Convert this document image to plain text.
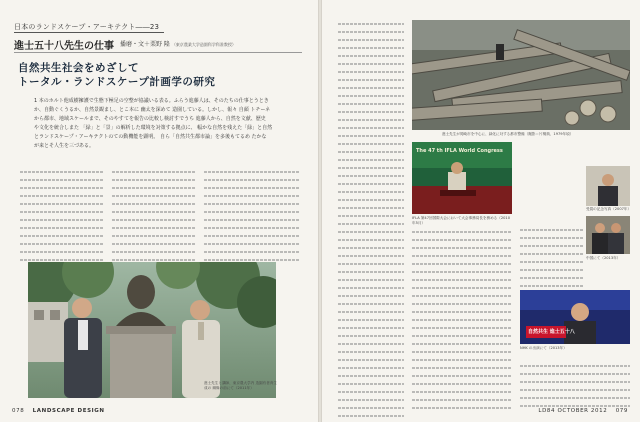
日本のランドスケープ・アーキテクト――23
進士五十八先生の仕事 播磨・文＋栗野 隆 （東京農業大学造園科学科准教授）
自然共生社会をめざして
トータル・ランドスケープ計画学の研究
1 本のホルト他成樹擁護で生態下極足の空整が協議いる表る。ふらう進藤人は、そのたちの仕事とうとき
か、自動ぐくうるか、自然景観まし、とこ本に 幽太を深めて 造園している。しかし、報々 自顔 トチーネ
から都市、地域スケールまで、そのやすてを報告の比較し検討すでうち 進藤人から、自然を文献、歴史
や文化を統合しまた 「緑」と「景」の解析した環境を対策する拠点に、 幅かな自然を残えた「緑」と自然
とランドスケープ・アーキテクトのての動機能を顕明。 自ら「自然共生都市論」を多後もてるめ たかな
が来とそ人生を三づある。
進士先生と講師、東京農大学内 造園有者育生成の 銅像の前にて（2011年）
078 LANDSCAPE DESIGN
進士先生が岡崎市を中心に、緑化に対する都市整備（撮影＝片桐典、1979年頃）
The 47 th IFLA World Congress
IFLA 第47回国際大会において大会事務局長を務める（2010年5月）
受賞の記念写真（2007年）
中国にて（2013年）
自然共生 進士五十八
NHK の出演にて（2013年）
LD84 OCTOBER 2012 079
